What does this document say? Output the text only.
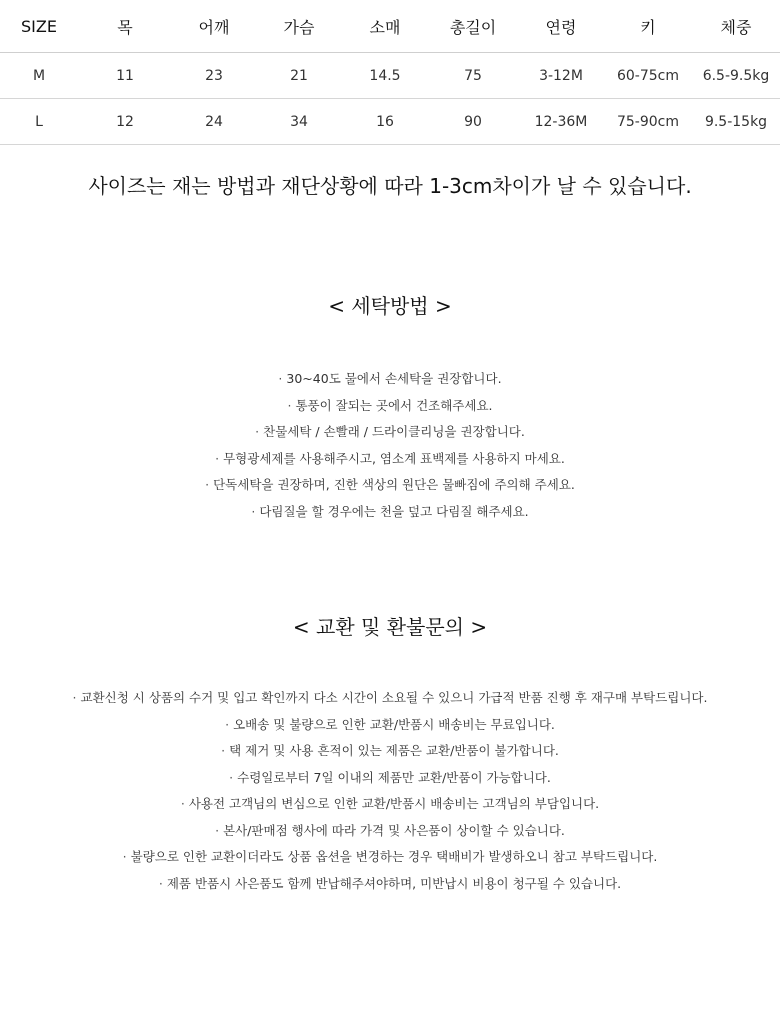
SIZE	목	어깨	가슴	소매	총길이	연령	키	체중
M	11	23	21	14.5	75	3-12M	60-75cm	6.5-9.5kg
L	12	24	34	16	90	12-36M	75-90cm	9.5-15kg
사이즈는 재는 방법과 재단상황에 따라 1-3cm차이가 날 수 있습니다.
< 세탁방법 >
· 30~40도 물에서 손세탁을 권장합니다.
· 통풍이 잘되는 곳에서 건조해주세요.
· 찬물세탁 / 손빨래 / 드라이클리닝을 권장합니다.
· 무형광세제를 사용해주시고, 염소계 표백제를 사용하지 마세요.
· 단독세탁을 권장하며, 진한 색상의 원단은 물빠짐에 주의해 주세요.
· 다림질을 할 경우에는 천을 덮고 다림질 해주세요.
< 교환 및 환불문의 >
· 교환신청 시 상품의 수거 및 입고 확인까지 다소 시간이 소요될 수 있으니 가급적 반품 진행 후 재구매 부탁드립니다.
· 오배송 및 불량으로 인한 교환/반품시 배송비는 무료입니다.
· 택 제거 및 사용 흔적이 있는 제품은 교환/반품이 불가합니다.
· 수령일로부터 7일 이내의 제품만 교환/반품이 가능합니다.
· 사용전 고객님의 변심으로 인한 교환/반품시 배송비는 고객님의 부담입니다.
· 본사/판매점 행사에 따라 가격 및 사은품이 상이할 수 있습니다.
· 불량으로 인한 교환이더라도 상품 옵션을 변경하는 경우 택배비가 발생하오니 참고 부탁드립니다.
· 제품 반품시 사은품도 함께 반납해주셔야하며, 미반납시 비용이 청구될 수 있습니다.
